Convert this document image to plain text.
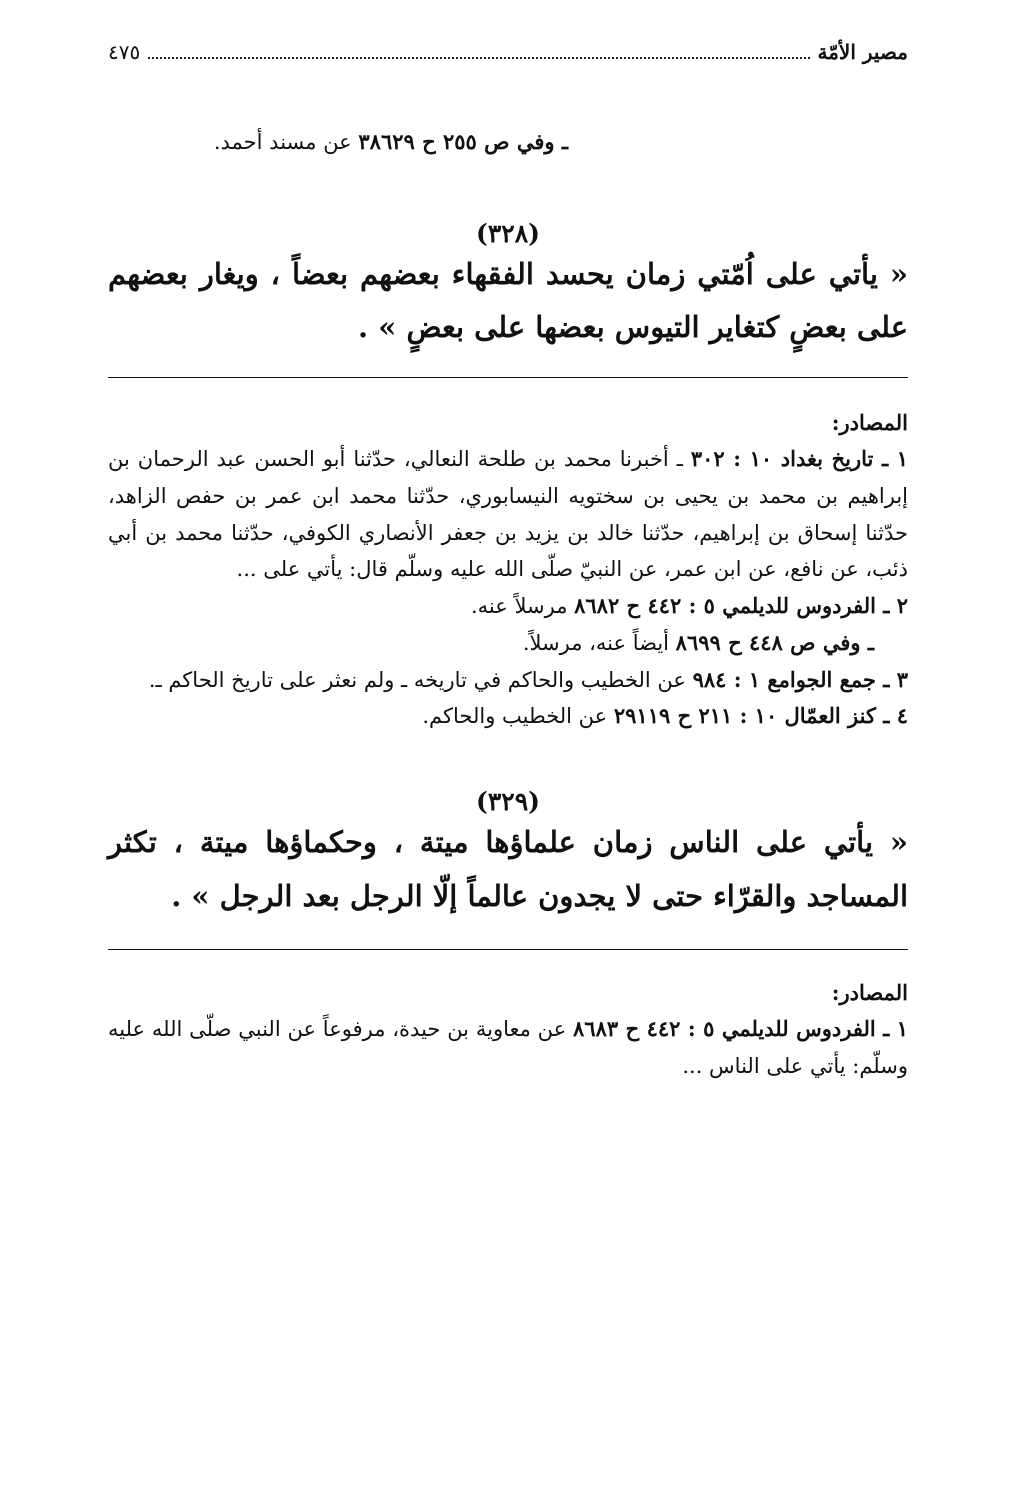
مصير الأمّة
٤٧٥

ـ وفي ص ٢٥٥ ح ٣٨٦٢٩ عن مسند أحمد.

(٣٢٨)

« يأتي على اُمّتي زمان يحسد الفقهاء بعضهم بعضاً ، ويغار بعضهم على بعضٍ كتغاير التيوس بعضها على بعضٍ » .

المصادر:

١ ـ تاريخ بغداد ١٠ : ٣٠٢ ـ أخبرنا محمد بن طلحة النعالي، حدّثنا أبو الحسن عبد الرحمان بن إبراهيم بن محمد بن يحيى بن سختويه النيسابوري، حدّثنا محمد ابن عمر بن حفص الزاهد، حدّثنا إسحاق بن إبراهيم، حدّثنا خالد بن يزيد بن جعفر الأنصاري الكوفي، حدّثنا محمد بن أبي ذئب، عن نافع، عن ابن عمر، عن النبيّ صلّى الله عليه وسلّم قال: يأتي على ...

٢ ـ الفردوس للديلمي ٥ : ٤٤٢ ح ٨٦٨٢ مرسلاً عنه.

ـ وفي ص ٤٤٨ ح ٨٦٩٩ أيضاً عنه، مرسلاً.

٣ ـ جمع الجوامع ١ : ٩٨٤ عن الخطيب والحاكم في تاريخه ـ ولم نعثر على تاريخ الحاكم ـ.

٤ ـ كنز العمّال ١٠ : ٢١١ ح ٢٩١١٩ عن الخطيب والحاكم.

(٣٢٩)

« يأتي على الناس زمان علماؤها ميتة ، وحكماؤها ميتة ، تكثر المساجد والقرّاء حتى لا يجدون عالماً إلّا الرجل بعد الرجل » .

المصادر:

١ ـ الفردوس للديلمي ٥ : ٤٤٢ ح ٨٦٨٣ عن معاوية بن حيدة، مرفوعاً عن النبي صلّى الله عليه وسلّم: يأتي على الناس ...
